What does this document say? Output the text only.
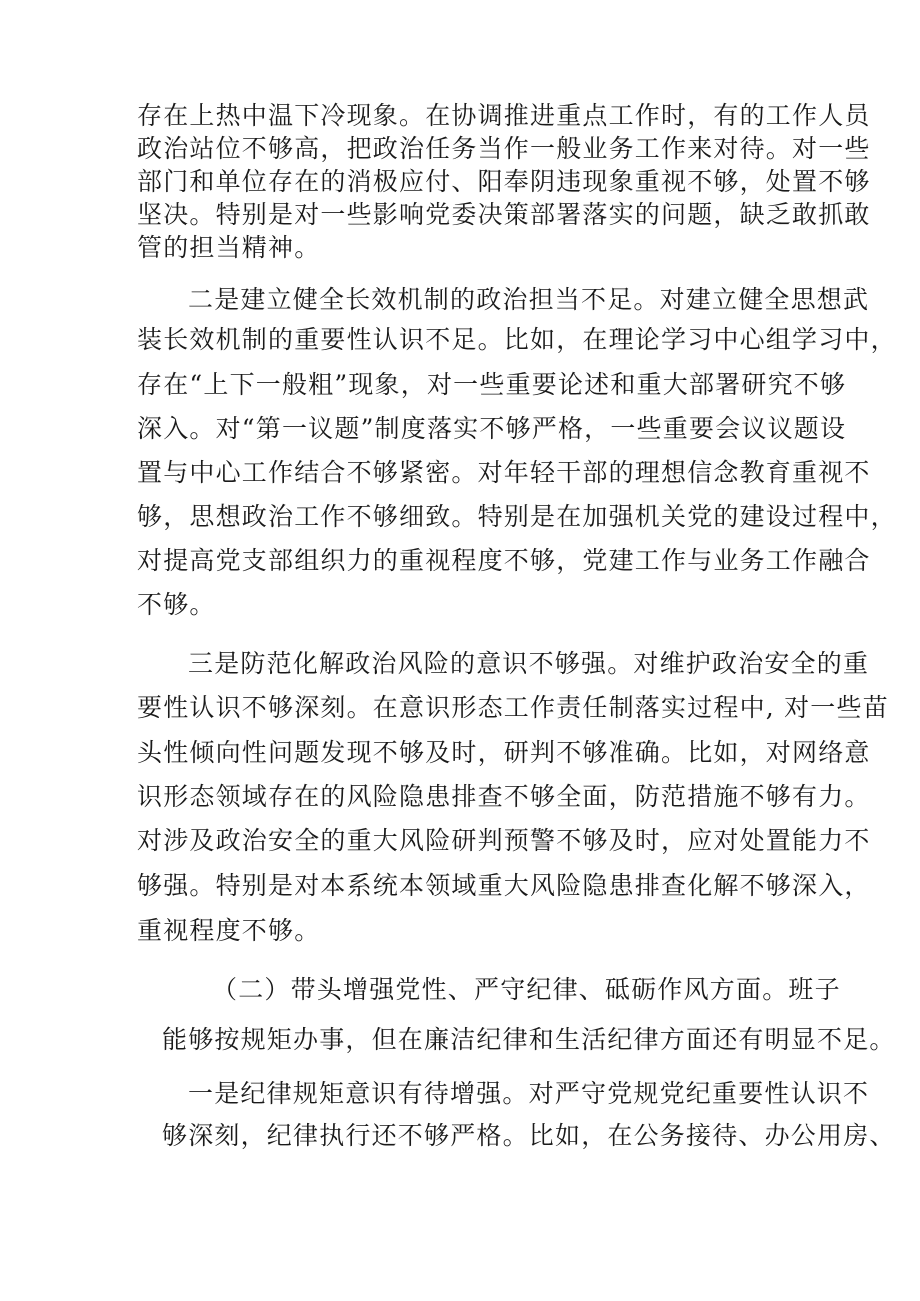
存在上热中温下冷现象。在协调推进重点工作时，有的工作人员
政治站位不够高，把政治任务当作一般业务工作来对待。对一些
部门和单位存在的消极应付、阳奉阴违现象重视不够，处置不够
坚决。特别是对一些影响党委决策部署落实的问题，缺乏敢抓敢
管的担当精神。
二是建立健全长效机制的政治担当不足。对建立健全思想武
装长效机制的重要性认识不足。比如，在理论学习中心组学习中，
存在“上下一般粗”现象，对一些重要论述和重大部署研究不够
深入。对“第一议题”制度落实不够严格，一些重要会议议题设
置与中心工作结合不够紧密。对年轻干部的理想信念教育重视不
够，思想政治工作不够细致。特别是在加强机关党的建设过程中，
对提高党支部组织力的重视程度不够，党建工作与业务工作融合
不够。
三是防范化解政治风险的意识不够强。对维护政治安全的重
要性认识不够深刻。在意识形态工作责任制落实过程中, 对一些苗
头性倾向性问题发现不够及时，研判不够准确。比如，对网络意
识形态领域存在的风险隐患排查不够全面，防范措施不够有力。
对涉及政治安全的重大风险研判预警不够及时，应对处置能力不
够强。特别是对本系统本领域重大风险隐患排查化解不够深入，
重视程度不够。
（二）带头增强党性、严守纪律、砥砺作风方面。班子
能够按规矩办事，但在廉洁纪律和生活纪律方面还有明显不足。
一是纪律规矩意识有待增强。对严守党规党纪重要性认识不
够深刻，纪律执行还不够严格。比如，在公务接待、办公用房、
